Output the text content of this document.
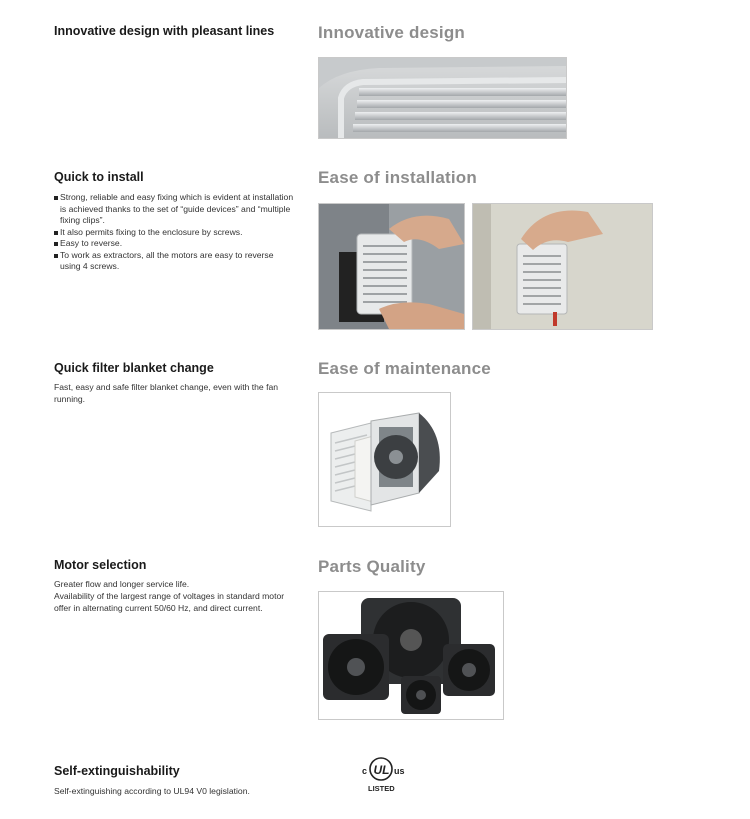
Innovative design with pleasant lines	Innovative design
Quick to install
Strong, reliable and easy fixing which is evident at installation is achieved thanks to the set of “guide devices” and “multiple fixing clips”.
It also permits fixing to the enclosure by screws.
Easy to reverse.
To work as extractors, all the motors are easy to reverse using 4 screws.
Ease of installation
Quick filter blanket change
Fast, easy and safe filter blanket change, even with the fan running.
Ease of maintenance
Motor selection
Greater flow and longer service life.
Availability of the largest range of voltages in standard motor offer in alternating current 50/60 Hz, and direct current.
Parts Quality
Self-extinguishability
Self-extinguishing according to UL94 V0 legislation.
c UL us
LISTED
